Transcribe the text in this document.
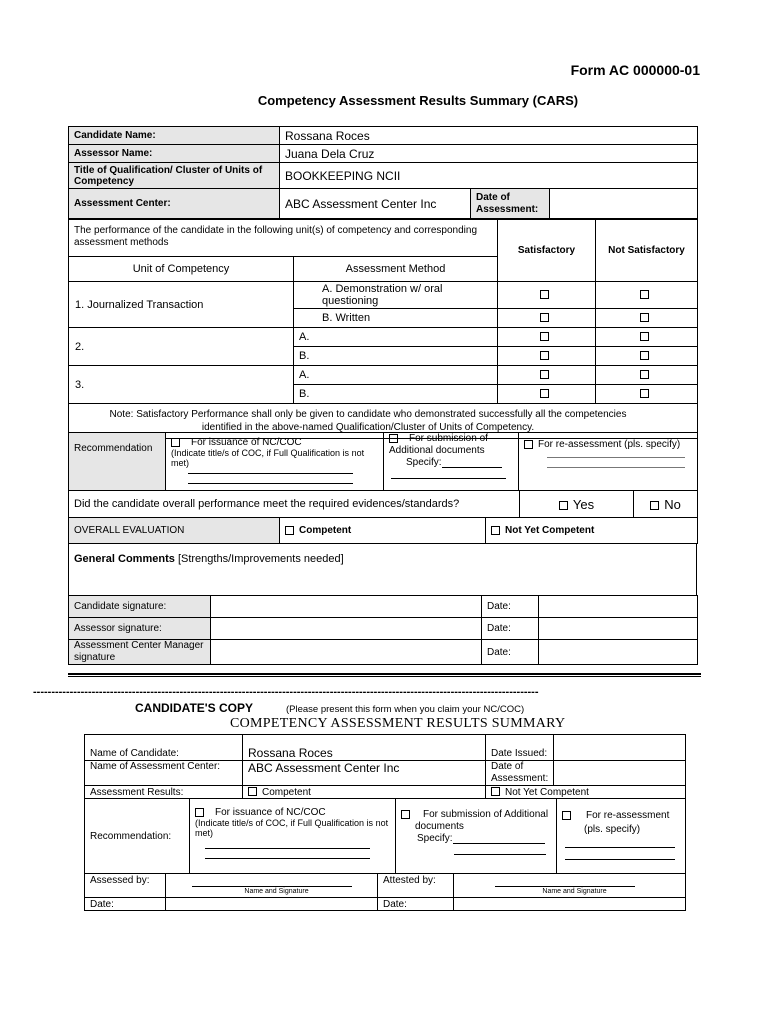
Form AC 000000-01
Competency Assessment Results Summary (CARS)
Candidate Name:	Rossana Roces		
Assessor Name:	Juana Dela Cruz		
Title of Qualification/ Cluster of Units of Competency	BOOKKEEPING NCII		
Assessment Center:	ABC Assessment Center Inc	Date of Assessment:	
The performance of the candidate in the following unit(s) of competency and corresponding assessment methods		Satisfactory	Not Satisfactory
Unit of Competency	Assessment Method		
1. Journalized Transaction	A. Demonstration w/ oral questioning		
	B. Written		
2.	A.		
	B.		
3.	A.		
	B.		
Note: Satisfactory Performance shall only be given to candidate who demonstrated successfully all the competencies identified in the above-named Qualification/Cluster of Units of Competency.			
Recommendation	
For issuance of NC/COC
(Indicate title/s of COC, if Full Qualification is not met)

For submission of Additional documents
Specify:

For re-assessment (pls. specify)
Did the candidate overall performance meet the required evidences/standards?	Yes	No
OVERALL EVALUATION	Competent	Not Yet Competent
General Comments [Strengths/Improvements needed]
Candidate signature:		Date:	
Assessor signature:		Date:	
Assessment Center Manager signature		Date:	
------------------------------------------------------------------------------------------------------------------------------------------
CANDIDATE'S COPY	(Please present this form when you claim your NC/COC)
COMPETENCY ASSESSMENT RESULTS SUMMARY
Name of Candidate:	Rossana Roces	Date Issued:	
Name of Assessment Center:	ABC Assessment Center Inc	Date of Assessment:	
Assessment Results:	Competent	Not Yet Competent	
Recommendation:	
For issuance of NC/COC
(Indicate title/s of COC, if Full Qualification is not met)

For submission of Additional documents
Specify:

For re-assessment (pls. specify)
Assessed by:	Name and Signature	Attested by:	Name and Signature

Date:		Date:	
